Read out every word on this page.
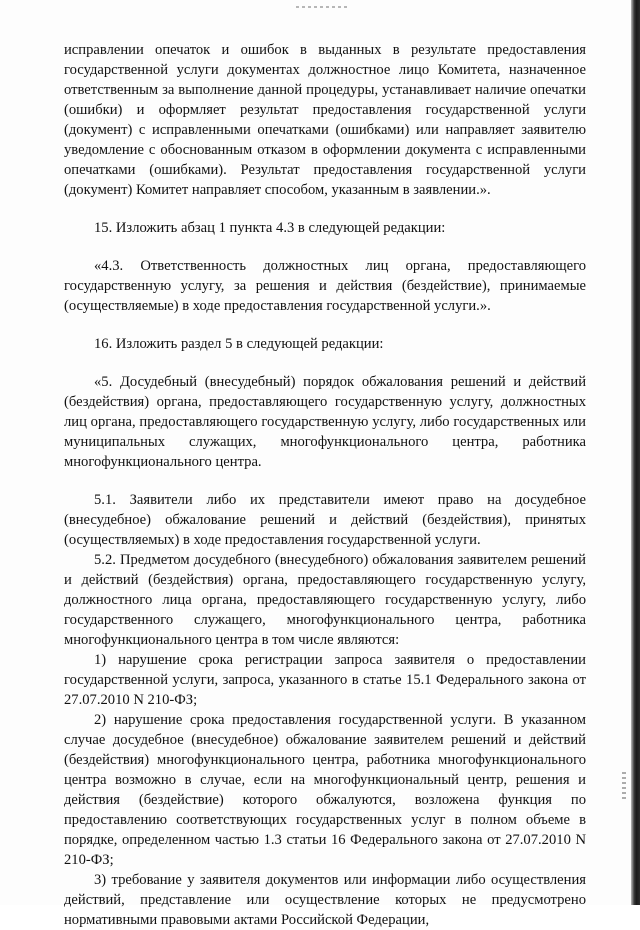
исправлении опечаток и ошибок в выданных в результате предоставления государственной услуги документах должностное лицо Комитета, назначенное ответственным за выполнение данной процедуры, устанавливает наличие опечатки (ошибки) и оформляет результат предоставления государственной услуги (документ) с исправленными опечатками (ошибками) или направляет заявителю уведомление с обоснованным отказом в оформлении документа с исправленными опечатками (ошибками). Результат предоставления государственной услуги (документ) Комитет направляет способом, указанным в заявлении.».

15. Изложить абзац 1 пункта 4.3 в следующей редакции:

«4.3. Ответственность должностных лиц органа, предоставляющего государственную услугу, за решения и действия (бездействие), принимаемые (осуществляемые) в ходе предоставления государственной услуги.».

16. Изложить раздел 5 в следующей редакции:

«5. Досудебный (внесудебный) порядок обжалования решений и действий (бездействия) органа, предоставляющего государственную услугу, должностных лиц органа, предоставляющего государственную услугу, либо государственных или муниципальных служащих, многофункционального центра, работника многофункционального центра.

5.1. Заявители либо их представители имеют право на досудебное (внесудебное) обжалование решений и действий (бездействия), принятых (осуществляемых) в ходе предоставления государственной услуги.

5.2. Предметом досудебного (внесудебного) обжалования заявителем решений и действий (бездействия) органа, предоставляющего государственную услугу, должностного лица органа, предоставляющего государственную услугу, либо государственного служащего, многофункционального центра, работника многофункционального центра в том числе являются:

1) нарушение срока регистрации запроса заявителя о предоставлении государственной услуги, запроса, указанного в статье 15.1 Федерального закона от 27.07.2010 N 210-ФЗ;

2) нарушение срока предоставления государственной услуги. В указанном случае досудебное (внесудебное) обжалование заявителем решений и действий (бездействия) многофункционального центра, работника многофункционального центра возможно в случае, если на многофункциональный центр, решения и действия (бездействие) которого обжалуются, возложена функция по предоставлению соответствующих государственных услуг в полном объеме в порядке, определенном частью 1.3 статьи 16 Федерального закона от 27.07.2010 N 210-ФЗ;

3) требование у заявителя документов или информации либо осуществления действий, представление или осуществление которых не предусмотрено нормативными правовыми актами Российской Федерации,
